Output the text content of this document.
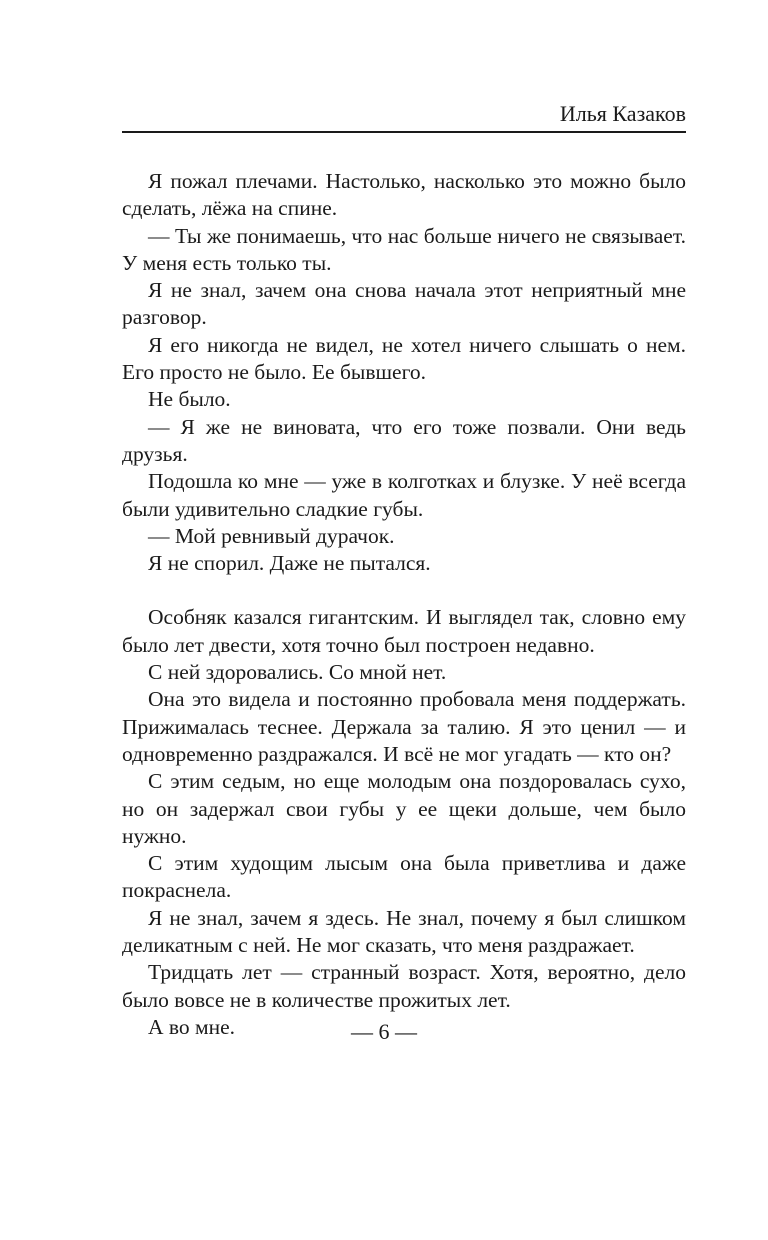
Илья Казаков

Я пожал плечами. Настолько, насколько это можно было сделать, лёжа на спине.

— Ты же понимаешь, что нас больше ничего не связывает. У меня есть только ты.

Я не знал, зачем она снова начала этот неприятный мне разговор.

Я его никогда не видел, не хотел ничего слышать о нем. Его просто не было. Ее бывшего.

Не было.

— Я же не виновата, что его тоже позвали. Они ведь друзья.

Подошла ко мне — уже в колготках и блузке. У неё всегда были удивительно сладкие губы.

— Мой ревнивый дурачок.

Я не спорил. Даже не пытался.

Особняк казался гигантским. И выглядел так, словно ему было лет двести, хотя точно был построен недавно.

С ней здоровались. Со мной нет.

Она это видела и постоянно пробовала меня поддержать. Прижималась теснее. Держала за талию. Я это ценил — и одновременно раздражался. И всё не мог угадать — кто он?

С этим седым, но еще молодым она поздоровалась сухо, но он задержал свои губы у ее щеки дольше, чем было нужно.

С этим худощим лысым она была приветлива и даже покраснела.

Я не знал, зачем я здесь. Не знал, почему я был слишком деликатным с ней. Не мог сказать, что меня раздражает.

Тридцать лет — странный возраст. Хотя, вероятно, дело было вовсе не в количестве прожитых лет.

А во мне.	— 6 —
